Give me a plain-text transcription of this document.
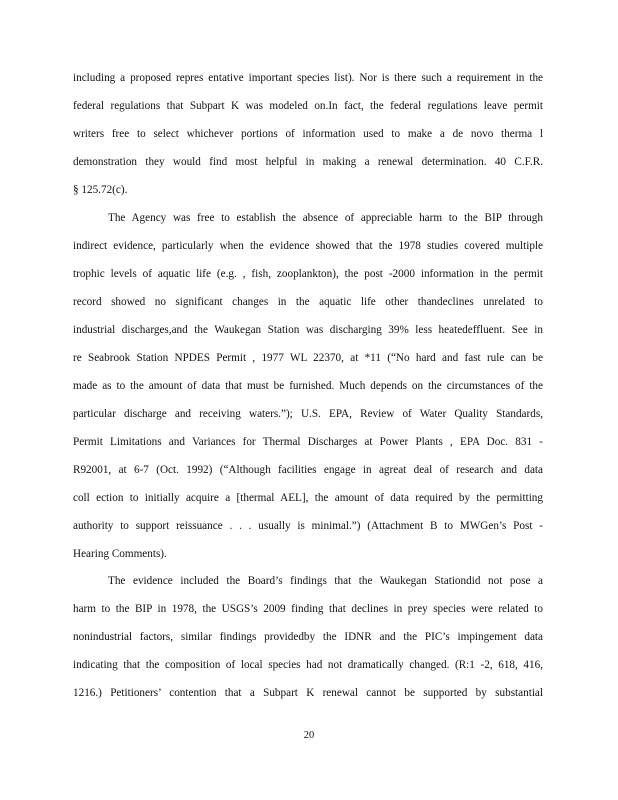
including a proposed repres entative important species list). Nor is there such a requirement in the
federal regulations that Subpart K was modeled on.In fact, the federal regulations leave permit
writers free to select whichever portions of information used to make a de novo therma l
demonstration they would find most helpful in making a renewal determination. 40 C.F.R.
§ 125.72(c).
The Agency was free to establish the absence of appreciable harm to the BIP through
indirect evidence, particularly when the evidence showed that the 1978 studies covered multiple
trophic levels of aquatic life (e.g. , fish, zooplankton), the post -2000 information in the permit
record showed no significant changes in the aquatic life other thandeclines unrelated to
industrial discharges,and the Waukegan Station was discharging 39% less heatedeffluent. See in
re Seabrook Station NPDES Permit , 1977 WL 22370, at *11 (“No hard and fast rule can be
made as to the amount of data that must be furnished. Much depends on the circumstances of the
particular discharge and receiving waters.”); U.S. EPA, Review of Water Quality Standards,
Permit Limitations and Variances for Thermal Discharges at Power Plants , EPA Doc. 831 -
R92001, at 6-7 (Oct. 1992) (“Although facilities engage in agreat deal of research and data
coll ection to initially acquire a [thermal AEL], the amount of data required by the permitting
authority to support reissuance . . . usually is minimal.”) (Attachment B to MWGen’s Post -
Hearing Comments).
The evidence included the Board’s findings that the Waukegan Stationdid not pose a
harm to the BIP in 1978, the USGS’s 2009 finding that declines in prey species were related to
nonindustrial factors, similar findings providedby the IDNR and the PIC’s impingement data
indicating that the composition of local species had not dramatically changed. (R:1 -2, 618, 416,
1216.) Petitioners’ contention that a Subpart K renewal cannot be supported by substantial
20
